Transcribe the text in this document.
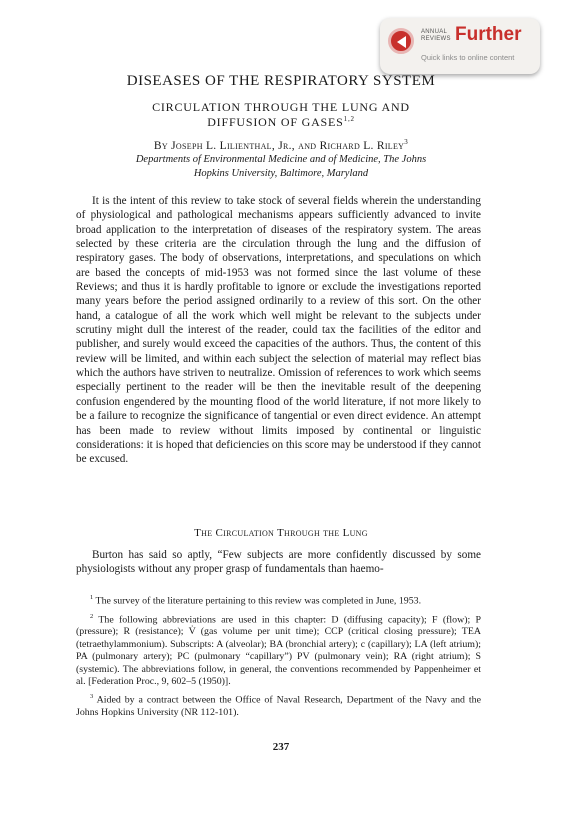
ANNUAL
REVIEWS Further
Quick links to online content
DISEASES OF THE RESPIRATORY SYSTEM
CIRCULATION THROUGH THE LUNG AND
DIFFUSION OF GASES$^{1,2}$
By Joseph L. Lilienthal, Jr., and Richard L. Riley$^3$
Departments of Environmental Medicine and of Medicine, The Johns
Hopkins University, Baltimore, Maryland

It is the intent of this review to take stock of several fields wherein the understanding of physiological and pathological mechanisms appears sufficiently advanced to invite broad application to the interpretation of diseases of the respiratory system. The areas selected by these criteria are the circulation through the lung and the diffusion of respiratory gases. The body of observations, interpretations, and speculations on which are based the concepts of mid-1953 was not formed since the last volume of these Reviews; and thus it is hardly profitable to ignore or exclude the investigations reported many years before the period assigned ordinarily to a review of this sort. On the other hand, a catalogue of all the work which well might be relevant to the subjects under scrutiny might dull the interest of the reader, could tax the facilities of the editor and publisher, and surely would exceed the capacities of the authors. Thus, the content of this review will be limited, and within each subject the selection of material may reflect bias which the authors have striven to neutralize. Omission of references to work which seems especially pertinent to the reader will be then the inevitable result of the deepening confusion engendered by the mounting flood of the world literature, if not more likely to be a failure to recognize the significance of tangential or even direct evidence. An attempt has been made to review without limits imposed by continental or linguistic considerations: it is hoped that deficiencies on this score may be understood if they cannot be excused.

The Circulation Through the Lung

Burton has said so aptly, “Few subjects are more confidently discussed by some physiologists without any proper grasp of fundamentals than haemo-

$^1$ The survey of the literature pertaining to this review was completed in June, 1953.

$^2$ The following abbreviations are used in this chapter: D (diffusing capacity); F (flow); P (pressure); R (resistance); V̇ (gas volume per unit time); CCP (critical closing pressure); TEA (tetraethylammonium). Subscripts: A (alveolar); BA (bronchial artery); c (capillary); LA (left atrium); PA (pulmonary artery); PC (pulmonary “capillary”) PV (pulmonary vein); RA (right atrium); S (systemic). The abbreviations follow, in general, the conventions recommended by Pappenheimer et al. [Federation Proc., 9, 602–5 (1950)].

$^3$ Aided by a contract between the Office of Naval Research, Department of the Navy and the Johns Hopkins University (NR 112-101).

237
